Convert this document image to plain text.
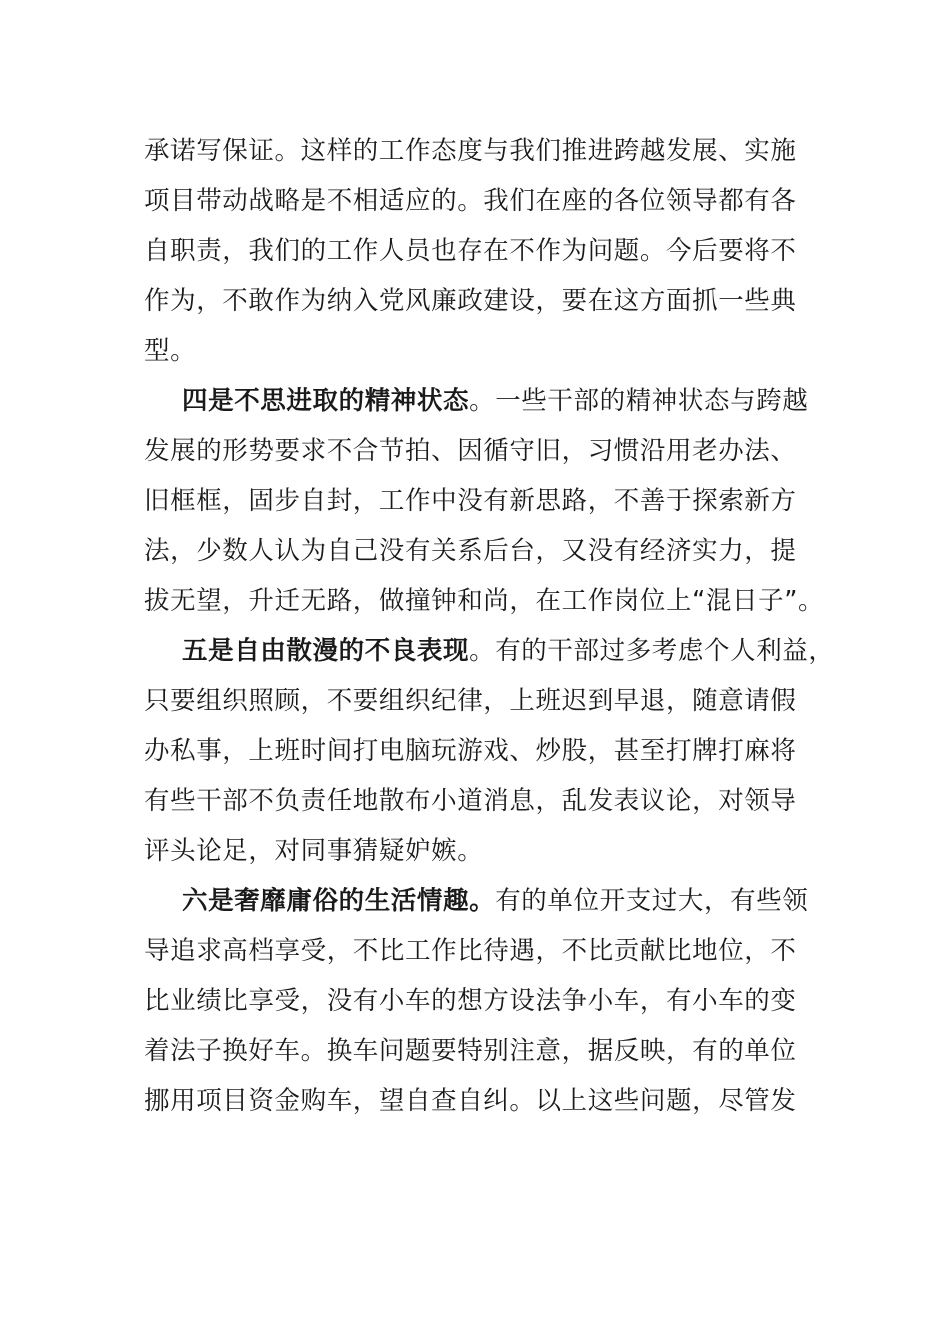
承诺写保证。这样的工作态度与我们推进跨越发展、实施
项目带动战略是不相适应的。我们在座的各位领导都有各
自职责，我们的工作人员也存在不作为问题。今后要将不
作为，不敢作为纳入党风廉政建设，要在这方面抓一些典
型。
四是不思进取的精神状态。一些干部的精神状态与跨越
发展的形势要求不合节拍、因循守旧，习惯沿用老办法、
旧框框，固步自封，工作中没有新思路，不善于探索新方
法，少数人认为自己没有关系后台，又没有经济实力，提
拔无望，升迁无路，做撞钟和尚，在工作岗位上“混日子”。
五是自由散漫的不良表现。有的干部过多考虑个人利益，
只要组织照顾，不要组织纪律，上班迟到早退，随意请假
办私事，上班时间打电脑玩游戏、炒股，甚至打牌打麻将
有些干部不负责任地散布小道消息，乱发表议论，对领导
评头论足，对同事猜疑妒嫉。
六是奢靡庸俗的生活情趣。有的单位开支过大，有些领
导追求高档享受，不比工作比待遇，不比贡献比地位，不
比业绩比享受，没有小车的想方设法争小车，有小车的变
着法子换好车。换车问题要特别注意，据反映，有的单位
挪用项目资金购车，望自查自纠。以上这些问题，尽管发
